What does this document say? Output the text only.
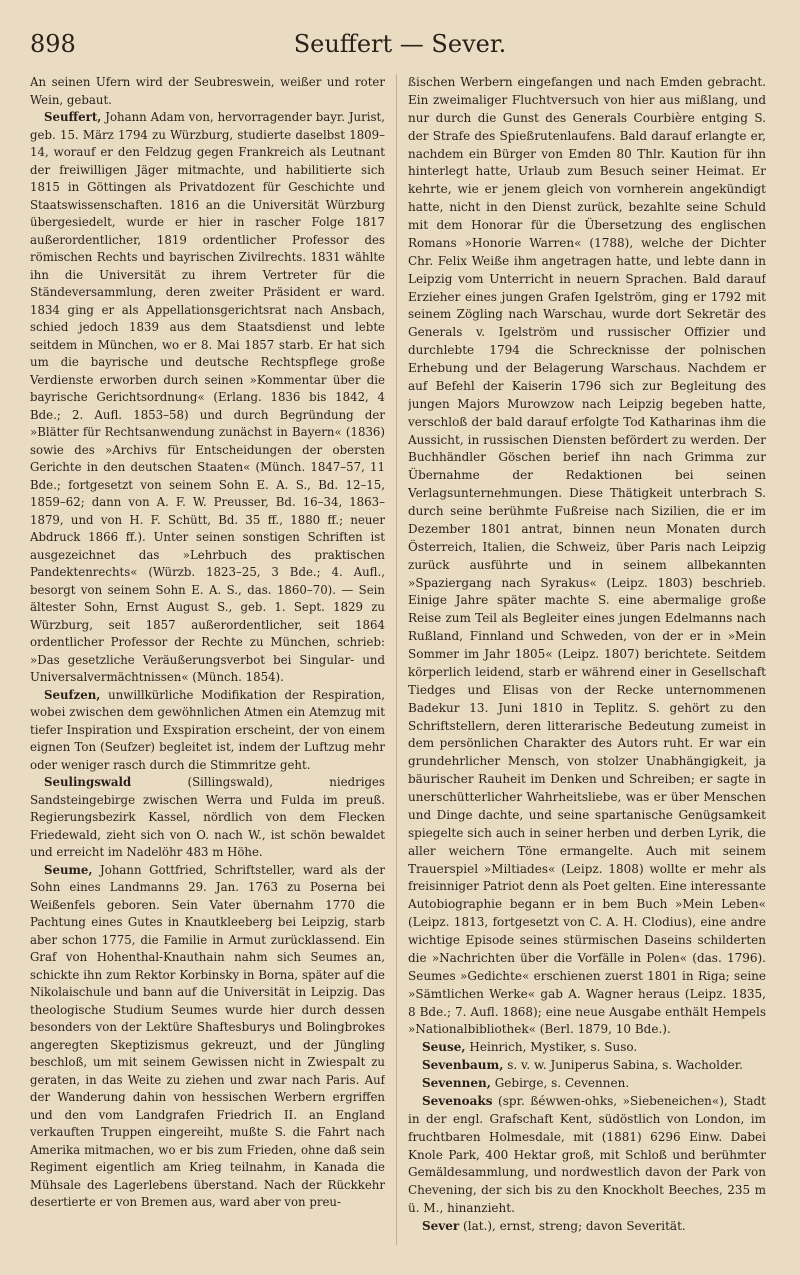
Seuffert — Sever.
898

An seinen Ufern wird der Seubreswein, weißer und roter Wein, gebaut.

Seuffert, Johann Adam von, hervorragender bayr. Jurist, geb. 15. März 1794 zu Würzburg, studierte daselbst 1809–14, worauf er den Feldzug gegen Frankreich als Leutnant der freiwilligen Jäger mitmachte, und habilitierte sich 1815 in Göttingen als Privatdozent für Geschichte und Staatswissenschaften. 1816 an die Universität Würzburg übergesiedelt, wurde er hier in rascher Folge 1817 außerordentlicher, 1819 ordentlicher Professor des römischen Rechts und bayrischen Zivilrechts. 1831 wählte ihn die Universität zu ihrem Vertreter für die Ständeversammlung, deren zweiter Präsident er ward. 1834 ging er als Appellationsgerichtsrat nach Ansbach, schied jedoch 1839 aus dem Staatsdienst und lebte seitdem in München, wo er 8. Mai 1857 starb. Er hat sich um die bayrische und deutsche Rechtspflege große Verdienste erworben durch seinen »Kommentar über die bayrische Gerichtsordnung« (Erlang. 1836 bis 1842, 4 Bde.; 2. Aufl. 1853–58) und durch Begründung der »Blätter für Rechtsanwendung zunächst in Bayern« (1836) sowie des »Archivs für Entscheidungen der obersten Gerichte in den deutschen Staaten« (Münch. 1847–57, 11 Bde.; fortgesetzt von seinem Sohn E. A. S., Bd. 12–15, 1859–62; dann von A. F. W. Preusser, Bd. 16–34, 1863–1879, und von H. F. Schütt, Bd. 35 ff., 1880 ff.; neuer Abdruck 1866 ff.). Unter seinen sonstigen Schriften ist ausgezeichnet das »Lehrbuch des praktischen Pandektenrechts« (Würzb. 1823–25, 3 Bde.; 4. Aufl., besorgt von seinem Sohn E. A. S., das. 1860–70). — Sein ältester Sohn, Ernst August S., geb. 1. Sept. 1829 zu Würzburg, seit 1857 außerordentlicher, seit 1864 ordentlicher Professor der Rechte zu München, schrieb: »Das gesetzliche Veräußerungsverbot bei Singular- und Universalvermächtnissen« (Münch. 1854).

Seufzen, unwillkürliche Modifikation der Respiration, wobei zwischen dem gewöhnlichen Atmen ein Atemzug mit tiefer Inspiration und Exspiration erscheint, der von einem eignen Ton (Seufzer) begleitet ist, indem der Luftzug mehr oder weniger rasch durch die Stimmritze geht.

Seulingswald (Sillingswald), niedriges Sandsteingebirge zwischen Werra und Fulda im preuß. Regierungsbezirk Kassel, nördlich von dem Flecken Friedewald, zieht sich von O. nach W., ist schön bewaldet und erreicht im Nadelöhr 483 m Höhe.

Seume, Johann Gottfried, Schriftsteller, ward als der Sohn eines Landmanns 29. Jan. 1763 zu Poserna bei Weißenfels geboren. Sein Vater übernahm 1770 die Pachtung eines Gutes in Knautkleeberg bei Leipzig, starb aber schon 1775, die Familie in Armut zurücklassend. Ein Graf von Hohenthal-Knauthain nahm sich Seumes an, schickte ihn zum Rektor Korbinsky in Borna, später auf die Nikolaischule und bann auf die Universität in Leipzig. Das theologische Studium Seumes wurde hier durch dessen besonders von der Lektüre Shaftesburys und Bolingbrokes angeregten Skeptizismus gekreuzt, und der Jüngling beschloß, um mit seinem Gewissen nicht in Zwiespalt zu geraten, in das Weite zu ziehen und zwar nach Paris. Auf der Wanderung dahin von hessischen Werbern ergriffen und den vom Landgrafen Friedrich II. an England verkauften Truppen eingereiht, mußte S. die Fahrt nach Amerika mitmachen, wo er bis zum Frieden, ohne daß sein Regiment eigentlich am Krieg teilnahm, in Kanada die Mühsale des Lagerlebens überstand. Nach der Rückkehr desertierte er von Bremen aus, ward aber von preu-

ßischen Werbern eingefangen und nach Emden gebracht. Ein zweimaliger Fluchtversuch von hier aus mißlang, und nur durch die Gunst des Generals Courbière entging S. der Strafe des Spießrutenlaufens. Bald darauf erlangte er, nachdem ein Bürger von Emden 80 Thlr. Kaution für ihn hinterlegt hatte, Urlaub zum Besuch seiner Heimat. Er kehrte, wie er jenem gleich von vornherein angekündigt hatte, nicht in den Dienst zurück, bezahlte seine Schuld mit dem Honorar für die Übersetzung des englischen Romans »Honorie Warren« (1788), welche der Dichter Chr. Felix Weiße ihm angetragen hatte, und lebte dann in Leipzig vom Unterricht in neuern Sprachen. Bald darauf Erzieher eines jungen Grafen Igelström, ging er 1792 mit seinem Zögling nach Warschau, wurde dort Sekretär des Generals v. Igelström und russischer Offizier und durchlebte 1794 die Schrecknisse der polnischen Erhebung und der Belagerung Warschaus. Nachdem er auf Befehl der Kaiserin 1796 sich zur Begleitung des jungen Majors Murowzow nach Leipzig begeben hatte, verschloß der bald darauf erfolgte Tod Katharinas ihm die Aussicht, in russischen Diensten befördert zu werden. Der Buchhändler Göschen berief ihn nach Grimma zur Übernahme der Redaktionen bei seinen Verlagsunternehmungen. Diese Thätigkeit unterbrach S. durch seine berühmte Fußreise nach Sizilien, die er im Dezember 1801 antrat, binnen neun Monaten durch Österreich, Italien, die Schweiz, über Paris nach Leipzig zurück ausführte und in seinem allbekannten »Spaziergang nach Syrakus« (Leipz. 1803) beschrieb. Einige Jahre später machte S. eine abermalige große Reise zum Teil als Begleiter eines jungen Edelmanns nach Rußland, Finnland und Schweden, von der er in »Mein Sommer im Jahr 1805« (Leipz. 1807) berichtete. Seitdem körperlich leidend, starb er während einer in Gesellschaft Tiedges und Elisas von der Recke unternommenen Badekur 13. Juni 1810 in Teplitz. S. gehört zu den Schriftstellern, deren litterarische Bedeutung zumeist in dem persönlichen Charakter des Autors ruht. Er war ein grundehrlicher Mensch, von stolzer Unabhängigkeit, ja bäurischer Rauheit im Denken und Schreiben; er sagte in unerschütterlicher Wahrheitsliebe, was er über Menschen und Dinge dachte, und seine spartanische Genügsamkeit spiegelte sich auch in seiner herben und derben Lyrik, die aller weichern Töne ermangelte. Auch mit seinem Trauerspiel »Miltiades« (Leipz. 1808) wollte er mehr als freisinniger Patriot denn als Poet gelten. Eine interessante Autobiographie begann er in bem Buch »Mein Leben« (Leipz. 1813, fortgesetzt von C. A. H. Clodius), eine andre wichtige Episode seines stürmischen Daseins schilderten die »Nachrichten über die Vorfälle in Polen« (das. 1796). Seumes »Gedichte« erschienen zuerst 1801 in Riga; seine »Sämtlichen Werke« gab A. Wagner heraus (Leipz. 1835, 8 Bde.; 7. Aufl. 1868); eine neue Ausgabe enthält Hempels »Nationalbibliothek« (Berl. 1879, 10 Bde.).

Seuse, Heinrich, Mystiker, s. Suso.

Sevenbaum, s. v. w. Juniperus Sabina, s. Wacholder.

Sevennen, Gebirge, s. Cevennen.

Sevenoaks (spr. ßéwwen-ohks, »Siebeneichen«), Stadt in der engl. Grafschaft Kent, südöstlich von London, im fruchtbaren Holmesdale, mit (1881) 6296 Einw. Dabei Knole Park, 400 Hektar groß, mit Schloß und berühmter Gemäldesammlung, und nordwestlich davon der Park von Chevening, der sich bis zu den Knockholt Beeches, 235 m ü. M., hinanzieht.

Sever (lat.), ernst, streng; davon Severität.
